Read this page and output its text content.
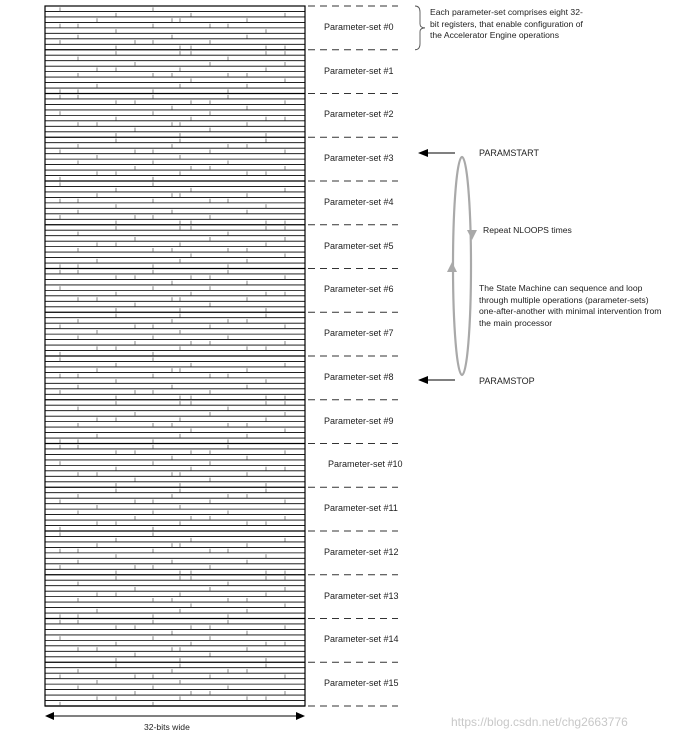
Parameter-set #0
Parameter-set #1
Parameter-set #2
Parameter-set #3
Parameter-set #4
Parameter-set #5
Parameter-set #6
Parameter-set #7
Parameter-set #8
Parameter-set #9
Parameter-set #10
Parameter-set #11
Parameter-set #12
Parameter-set #13
Parameter-set #14
Parameter-set #15
Each parameter-set comprises eight 32-bit registers, that enable configuration of the Accelerator Engine operations
PARAMSTART
PARAMSTOP
Repeat NLOOPS times
The State Machine can sequence and loop through multiple operations (parameter-sets) one-after-another with minimal intervention from the main processor
32-bits wide	https://blog.csdn.net/chg2663776
